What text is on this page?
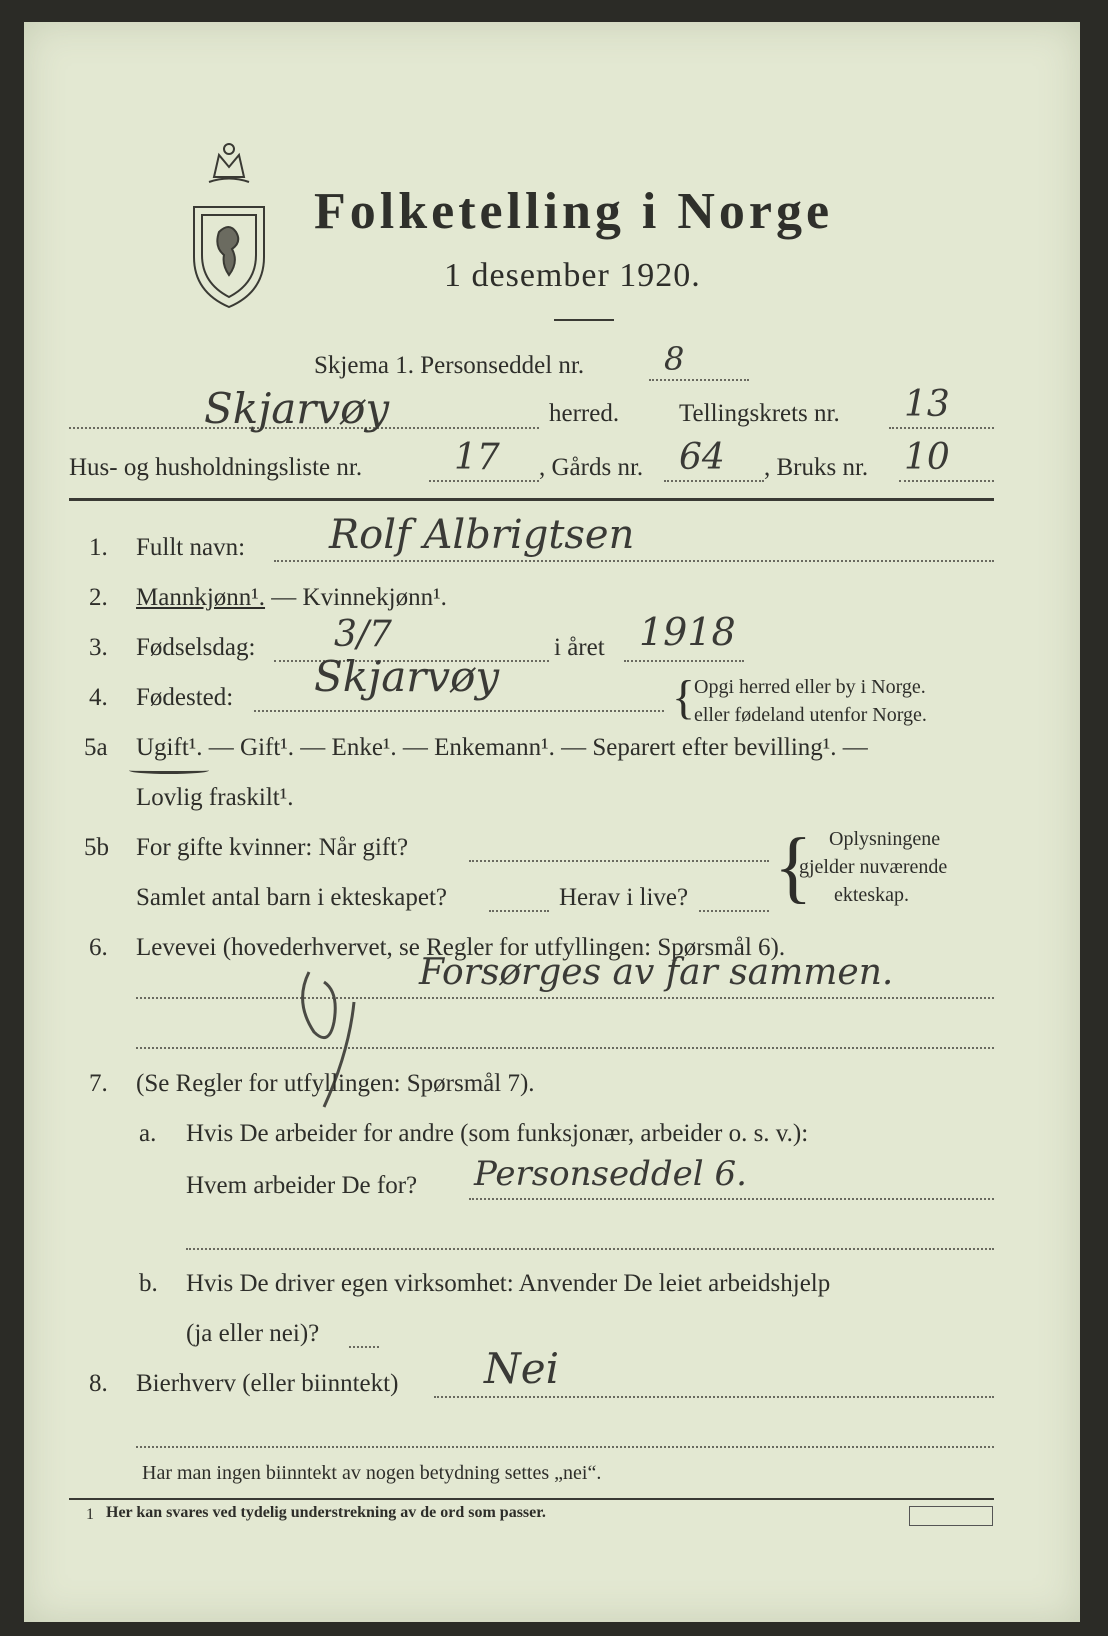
Folketelling i Norge
1 desember 1920.
Skjema 1. Personseddel nr. 8
Skjarvøy	herred. Tellingskrets nr. 13
Hus- og husholdningsliste nr.	17 , Gårds nr. 64 , Bruks nr. 10
1. Fullt navn: Rolf Albrigtsen
2. Mannkjønn¹. — Kvinnekjønn¹.
3. Fødselsdag: 3/7	i året 1918
4. Fødested: Skjarvøy	{
Opgi herred eller by i Norge.
eller fødeland utenfor Norge.
5a Ugift¹. — Gift¹. — Enke¹. — Enkemann¹. — Separert efter bevilling¹. —
Lovlig fraskilt¹.
5b For gifte kvinner: Når gift?
Samlet antal barn i ekteskapet?	Herav i live? { Oplysningene
gjelder nuværende
ekteskap.
6. Levevei (hovederhvervet, se Regler for utfyllingen: Spørsmål 6).
Forsørges av far sammen.
7. (Se Regler for utfyllingen: Spørsmål 7).
a. Hvis De arbeider for andre (som funksjonær, arbeider o. s. v.):
Hvem arbeider De for? Personseddel 6.
b. Hvis De driver egen virksomhet: Anvender De leiet arbeidshjelp
(ja eller nei)?
8. Bierhverv (eller biinntekt) Nei
Har man ingen biinntekt av nogen betydning settes „nei“.
1 Her kan svares ved tydelig understrekning av de ord som passer.
